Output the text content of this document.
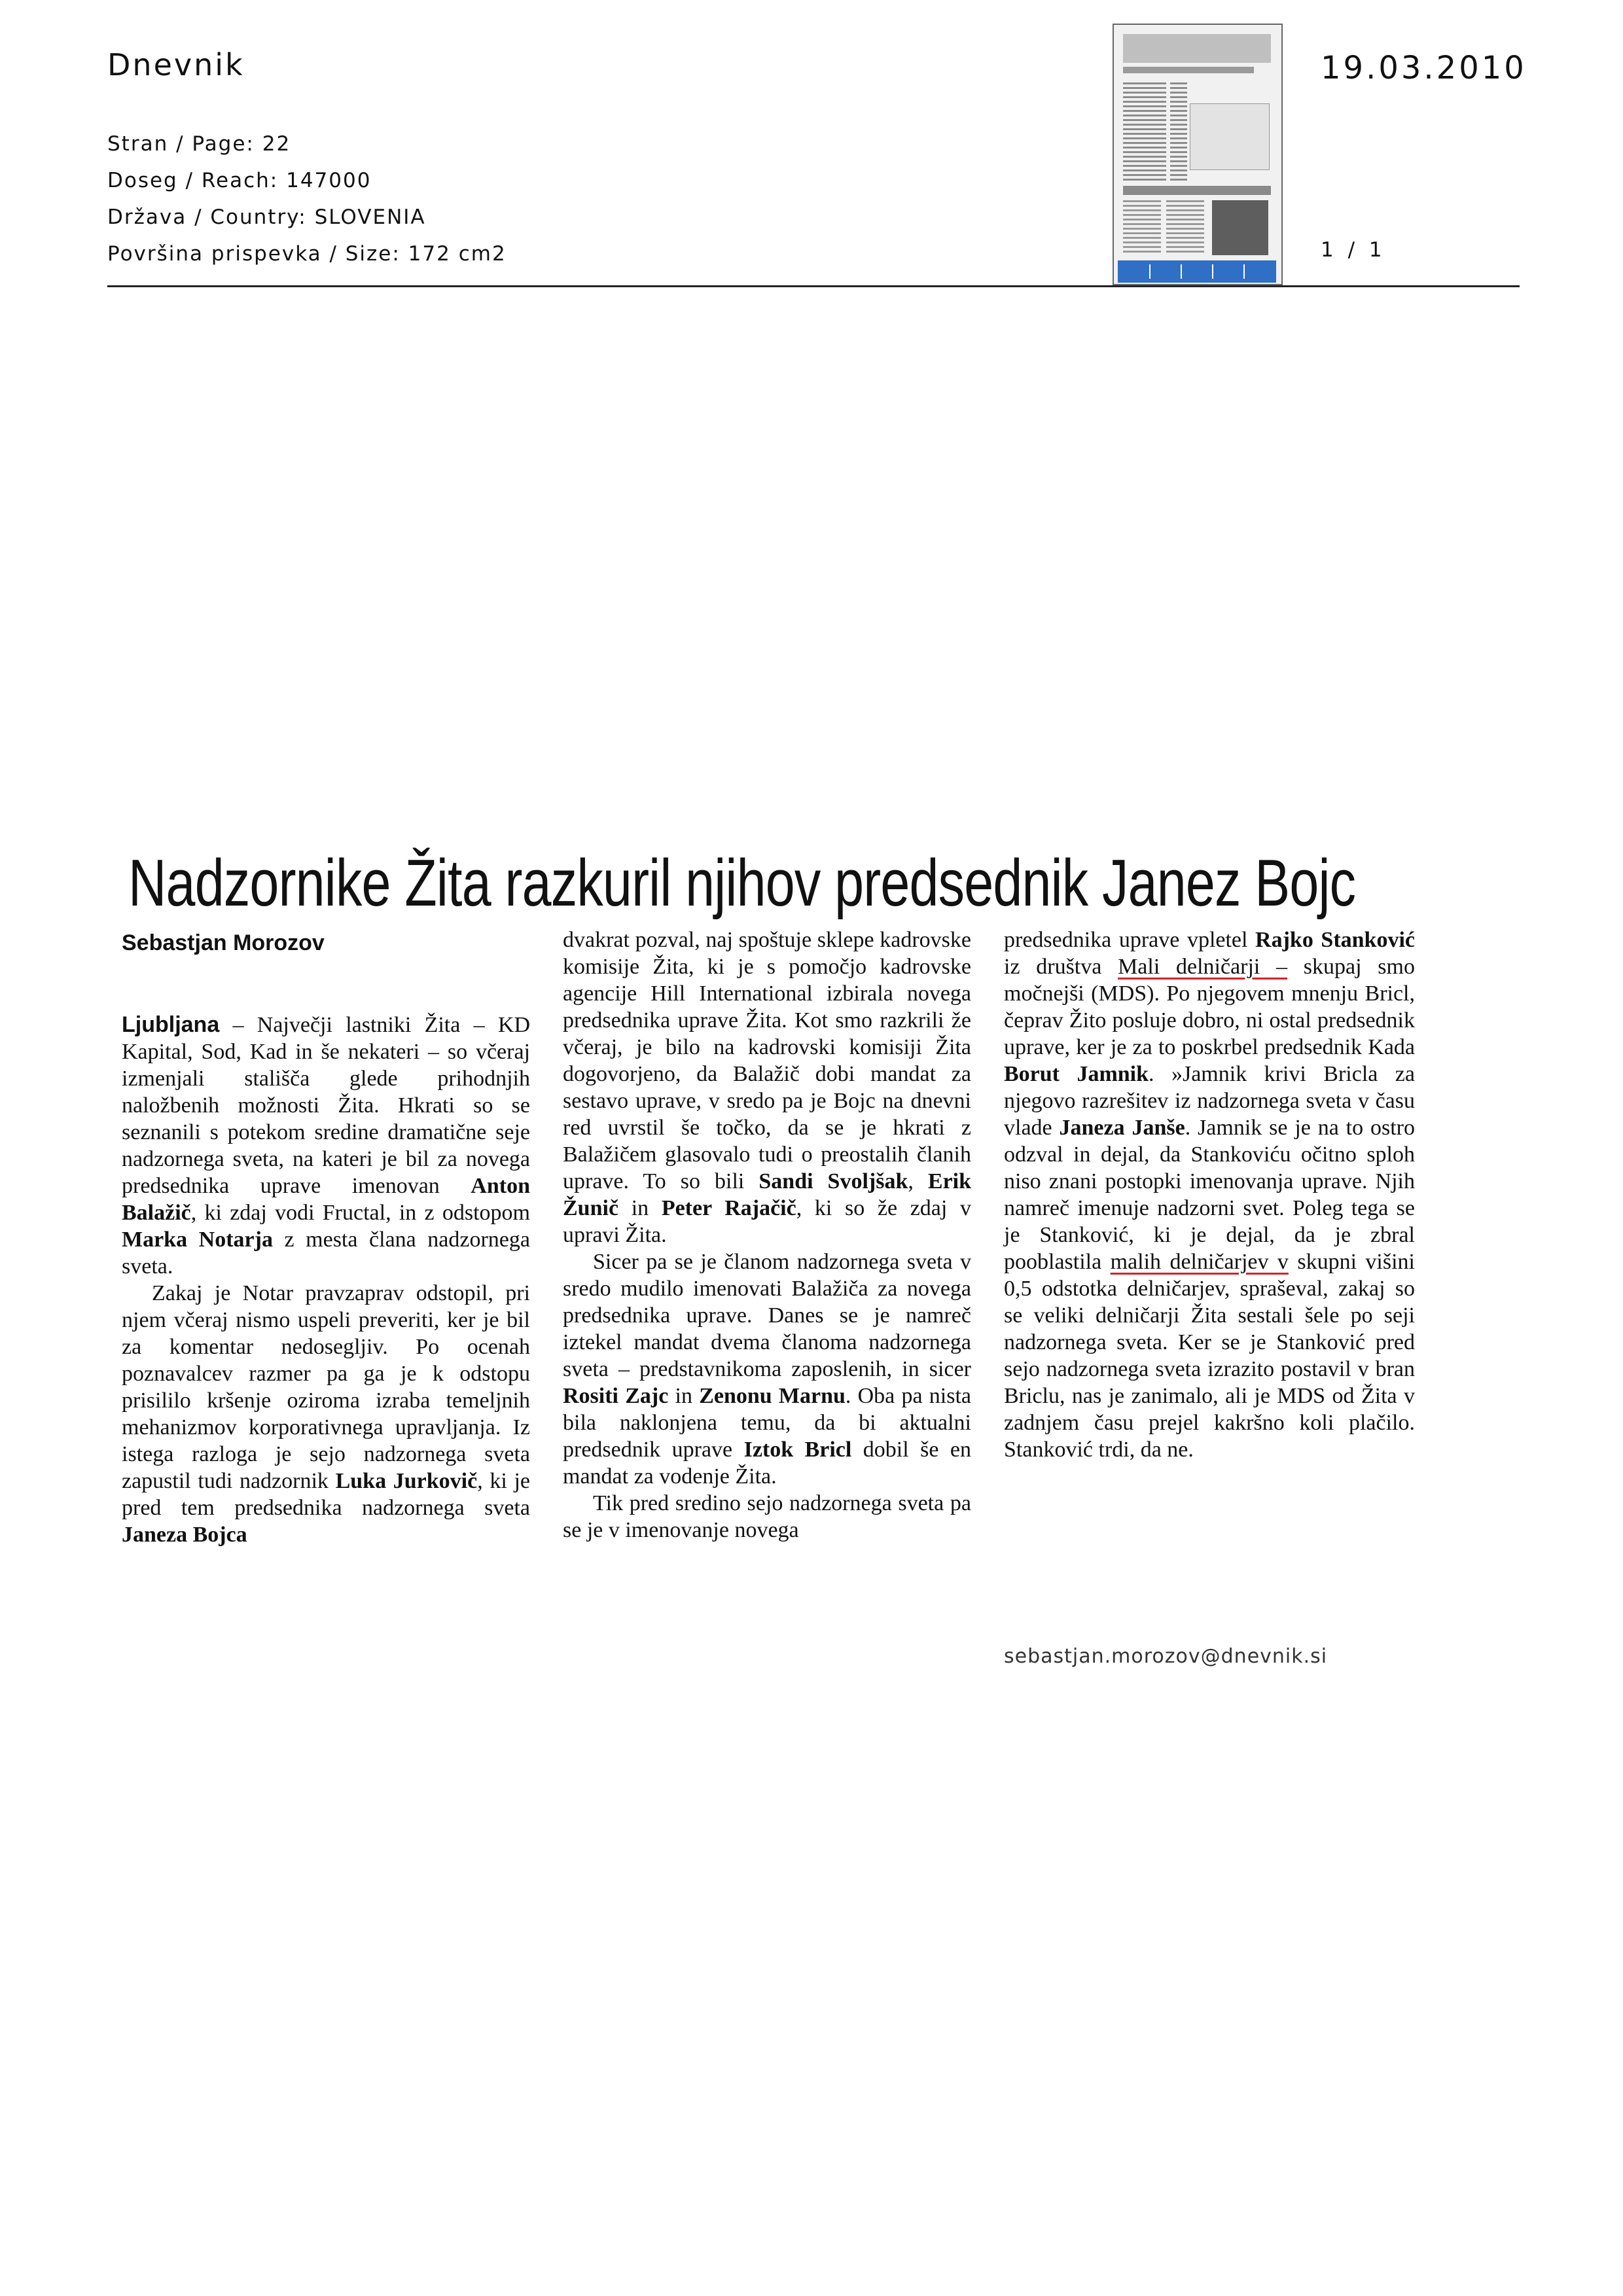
Dnevnik	19.03.2010
Stran / Page: 22
Doseg / Reach: 147000
Država / Country: SLOVENIA
Površina prispevka / Size: 172 cm2	1 / 1
Nadzornike Žita razkuril njihov predsednik Janez Bojc
Sebastjan Morozov

Ljubljana – Največji lastniki Žita – KD Kapital, Sod, Kad in še nekateri – so včeraj izmenjali stališča glede prihodnjih naložbenih možnosti Žita. Hkrati so se seznanili s potekom sredine dramatične seje nadzornega sveta, na kateri je bil za novega predsednika uprave imenovan Anton Balažič, ki zdaj vodi Fructal, in z odstopom Marka Notarja z mesta člana nadzornega sveta.

Zakaj je Notar pravzaprav odstopil, pri njem včeraj nismo uspeli preveriti, ker je bil za komentar nedosegljiv. Po ocenah poznavalcev razmer pa ga je k odstopu prisililo kršenje oziroma izraba temeljnih mehanizmov korporativnega upravljanja. Iz istega razloga je sejo nadzornega sveta zapustil tudi nadzornik Luka Jurkovič, ki je pred tem predsednika nadzornega sveta Janeza Bojca

dvakrat pozval, naj spoštuje sklepe kadrovske komisije Žita, ki je s pomočjo kadrovske agencije Hill International izbirala novega predsednika uprave Žita. Kot smo razkrili že včeraj, je bilo na kadrovski komisiji Žita dogovorjeno, da Balažič dobi mandat za sestavo uprave, v sredo pa je Bojc na dnevni red uvrstil še točko, da se je hkrati z Balažičem glasovalo tudi o preostalih članih uprave. To so bili Sandi Svoljšak, Erik Žunič in Peter Rajačič, ki so že zdaj v upravi Žita.

Sicer pa se je članom nadzornega sveta v sredo mudilo imenovati Balažiča za novega predsednika uprave. Danes se je namreč iztekel mandat dvema članoma nadzornega sveta – predstavnikoma zaposlenih, in sicer Rositi Zajc in Zenonu Marnu. Oba pa nista bila naklonjena temu, da bi aktualni predsednik uprave Iztok Bricl dobil še en mandat za vodenje Žita.

Tik pred sredino sejo nadzornega sveta pa se je v imenovanje novega

predsednika uprave vpletel Rajko Stanković iz društva Mali delničarji – skupaj smo močnejši (MDS). Po njegovem mnenju Bricl, čeprav Žito posluje dobro, ni ostal predsednik uprave, ker je za to poskrbel predsednik Kada Borut Jamnik. »Jamnik krivi Bricla za njegovo razrešitev iz nadzornega sveta v času vlade Janeza Janše. Jamnik se je na to ostro odzval in dejal, da Stankoviću očitno sploh niso znani postopki imenovanja uprave. Njih namreč imenuje nadzorni svet. Poleg tega se je Stanković, ki je dejal, da je zbral pooblastila malih delničarjev v skupni višini 0,5 odstotka delničarjev, spraševal, zakaj so se veliki delničarji Žita sestali šele po seji nadzornega sveta. Ker se je Stanković pred sejo nadzornega sveta izrazito postavil v bran Briclu, nas je zanimalo, ali je MDS od Žita v zadnjem času prejel kakršno koli plačilo. Stanković trdi, da ne.

sebastjan.morozov@dnevnik.si
